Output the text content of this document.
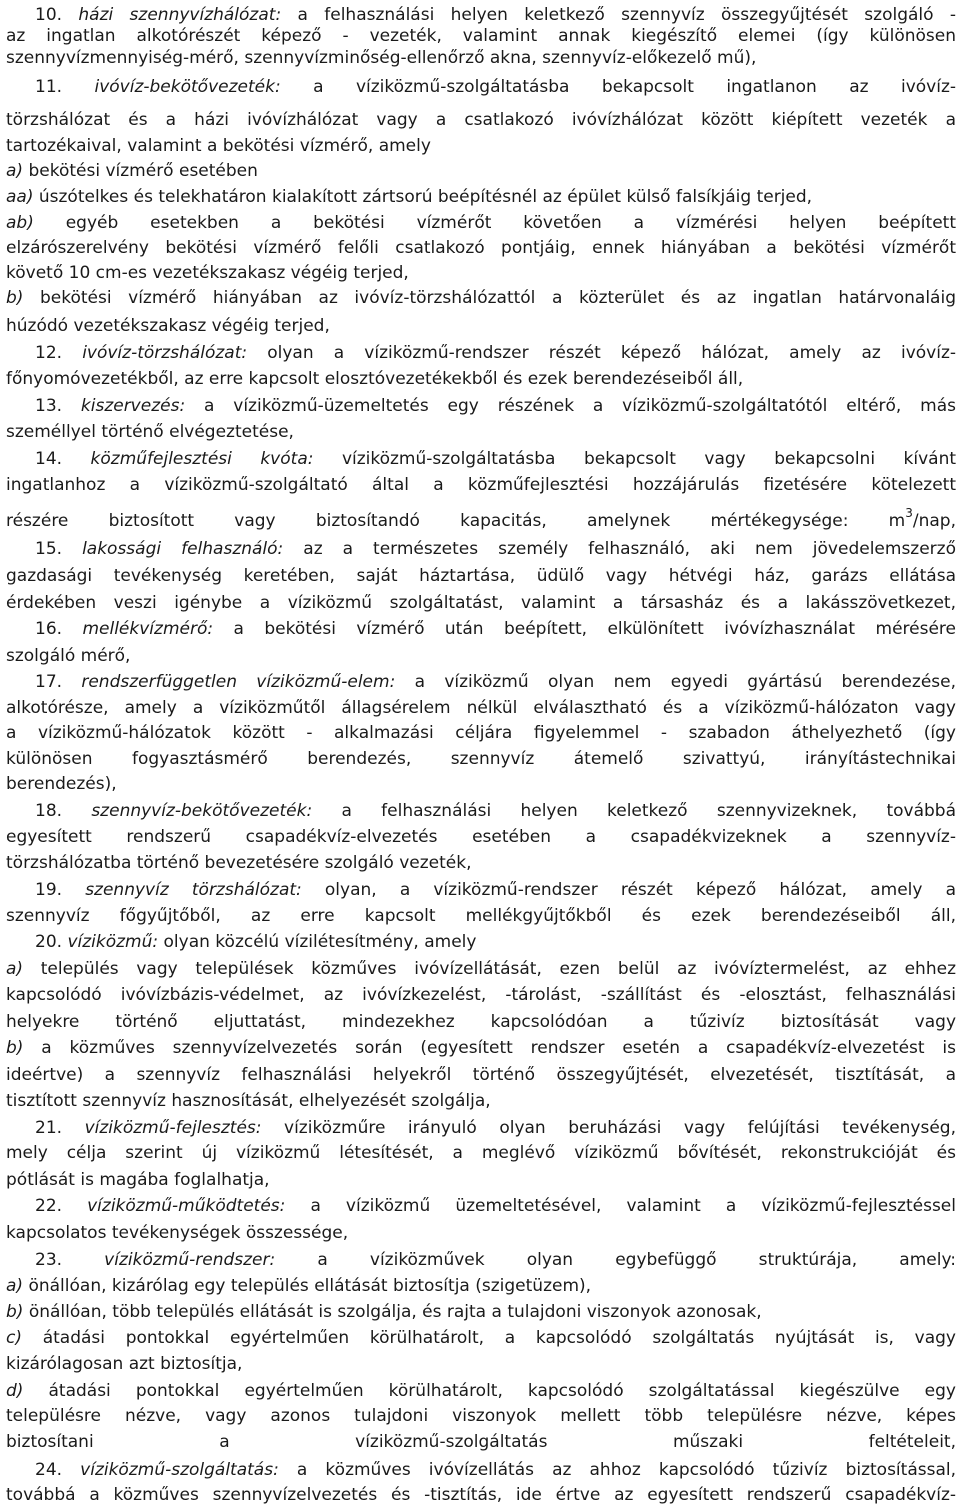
10. házi szennyvízhálózat: a felhasználási helyen keletkező szennyvíz összegyűjtését szolgáló -
az ingatlan alkotórészét képező - vezeték, valamint annak kiegészítő elemei (így különösen
szennyvízmennyiség-mérő, szennyvízminőség-ellenőrző akna, szennyvíz-előkezelő mű),
11. ivóvíz-bekötővezeték: a víziközmű-szolgáltatásba bekapcsolt ingatlanon az ivóvíz-
törzshálózat és a házi ivóvízhálózat vagy a csatlakozó ivóvízhálózat között kiépített vezeték a
tartozékaival, valamint a bekötési vízmérő, amely
a) bekötési vízmérő esetében
aa) úszótelkes és telekhatáron kialakított zártsorú beépítésnél az épület külső falsíkjáig terjed,
ab) egyéb esetekben a bekötési vízmérőt követően a vízmérési helyen beépített
elzárószerelvény bekötési vízmérő felőli csatlakozó pontjáig, ennek hiányában a bekötési vízmérőt
követő 10 cm-es vezetékszakasz végéig terjed,
b) bekötési vízmérő hiányában az ivóvíz-törzshálózattól a közterület és az ingatlan határvonaláig
húzódó vezetékszakasz végéig terjed,
12. ivóvíz-törzshálózat: olyan a víziközmű-rendszer részét képező hálózat, amely az ivóvíz-
főnyomóvezetékből, az erre kapcsolt elosztóvezetékekből és ezek berendezéseiből áll,
13. kiszervezés: a víziközmű-üzemeltetés egy részének a víziközmű-szolgáltatótól eltérő, más
személlyel történő elvégeztetése,
14. közműfejlesztési kvóta: víziközmű-szolgáltatásba bekapcsolt vagy bekapcsolni kívánt
ingatlanhoz a víziközmű-szolgáltató által a közműfejlesztési hozzájárulás fizetésére kötelezett
részére biztosított vagy biztosítandó kapacitás, amelynek mértékegysége: $m^3$/nap,
15. lakossági felhasználó: az a természetes személy felhasználó, aki nem jövedelemszerző
gazdasági tevékenység keretében, saját háztartása, üdülő vagy hétvégi ház, garázs ellátása
érdekében veszi igénybe a víziközmű szolgáltatást, valamint a társasház és a lakásszövetkezet,
16. mellékvízmérő: a bekötési vízmérő után beépített, elkülönített ivóvízhasználat mérésére
szolgáló mérő,
17. rendszerfüggetlen víziközmű-elem: a víziközmű olyan nem egyedi gyártású berendezése,
alkotórésze, amely a víziközműtől állagsérelem nélkül elválasztható és a víziközmű-hálózaton vagy
a víziközmű-hálózatok között - alkalmazási céljára figyelemmel - szabadon áthelyezhető (így
különösen fogyasztásmérő berendezés, szennyvíz átemelő szivattyú, irányítástechnikai
berendezés),
18. szennyvíz-bekötővezeték: a felhasználási helyen keletkező szennyvizeknek, továbbá
egyesített rendszerű csapadékvíz-elvezetés esetében a csapadékvizeknek a szennyvíz-
törzshálózatba történő bevezetésére szolgáló vezeték,
19. szennyvíz törzshálózat: olyan, a víziközmű-rendszer részét képező hálózat, amely a
szennyvíz főgyűjtőből, az erre kapcsolt mellékgyűjtőkből és ezek berendezéseiből áll,
20. víziközmű: olyan közcélú vízilétesítmény, amely
a) település vagy települések közműves ivóvízellátását, ezen belül az ivóvíztermelést, az ehhez
kapcsolódó ivóvízbázis-védelmet, az ivóvízkezelést, -tárolást, -szállítást és -elosztást, felhasználási
helyekre történő eljuttatást, mindezekhez kapcsolódóan a tűzivíz biztosítását vagy
b) a közműves szennyvízelvezetés során (egyesített rendszer esetén a csapadékvíz-elvezetést is
ideértve) a szennyvíz felhasználási helyekről történő összegyűjtését, elvezetését, tisztítását, a
tisztított szennyvíz hasznosítását, elhelyezését szolgálja,
21. víziközmű-fejlesztés: víziközműre irányuló olyan beruházási vagy felújítási tevékenység,
mely célja szerint új víziközmű létesítését, a meglévő víziközmű bővítését, rekonstrukcióját és
pótlását is magába foglalhatja,
22. víziközmű-működtetés: a víziközmű üzemeltetésével, valamint a víziközmű-fejlesztéssel
kapcsolatos tevékenységek összessége,
23. víziközmű-rendszer: a víziközművek olyan egybefüggő struktúrája, amely:
a) önállóan, kizárólag egy település ellátását biztosítja (szigetüzem),
b) önállóan, több település ellátását is szolgálja, és rajta a tulajdoni viszonyok azonosak,
c) átadási pontokkal egyértelműen körülhatárolt, a kapcsolódó szolgáltatás nyújtását is, vagy
kizárólagosan azt biztosítja,
d) átadási pontokkal egyértelműen körülhatárolt, kapcsolódó szolgáltatással kiegészülve egy
településre nézve, vagy azonos tulajdoni viszonyok mellett több településre nézve, képes
biztosítani a víziközmű-szolgáltatás műszaki feltételeit,
24. víziközmű-szolgáltatás: a közműves ivóvízellátás az ahhoz kapcsolódó tűzivíz biztosítással,
továbbá a közműves szennyvízelvezetés és -tisztítás, ide értve az egyesített rendszerű csapadékvíz-
